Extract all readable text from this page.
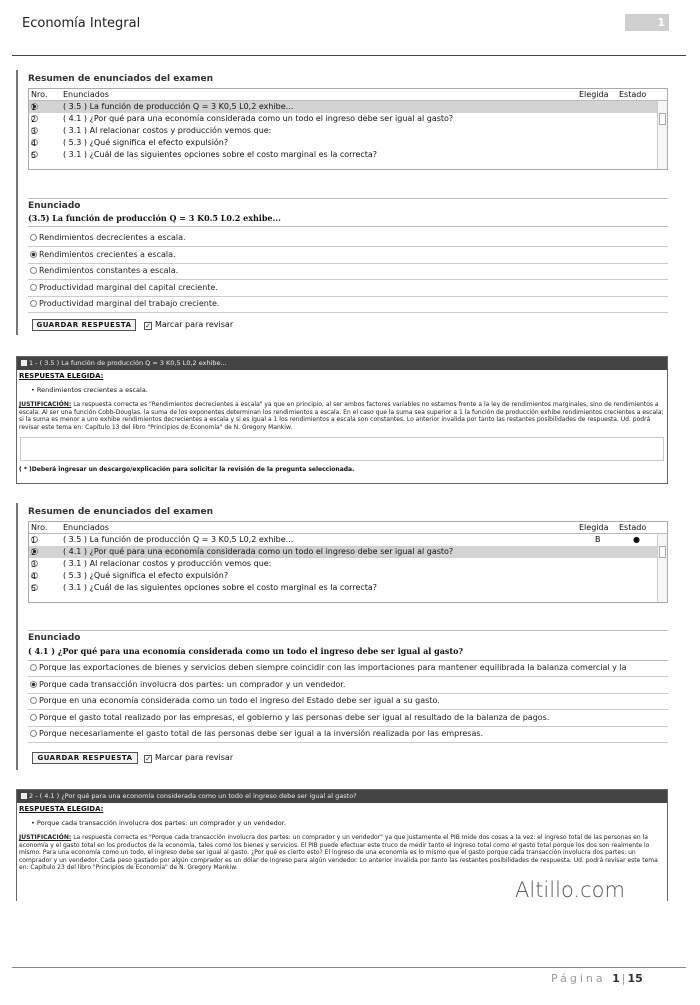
Economía Integral	1
Resumen de enunciados del examen
Nro. Enunciados	Elegida Estado
1	( 3.5 ) La función de producción Q = 3 K0,5 L0,2 exhibe...
2	( 4.1 ) ¿Por qué para una economía considerada como un todo el ingreso debe ser igual al gasto?
3	( 3.1 ) Al relacionar costos y producción vemos que:
4	( 5.3 ) ¿Qué significa el efecto expulsión?
5	( 3.1 ) ¿Cuál de las siguientes opciones sobre el costo marginal es la correcta?
Enunciado
(3.5) La función de producción Q = 3 K0.5 L0.2 exhibe...
Rendimientos decrecientes a escala.
Rendimientos crecientes a escala.
Rendimientos constantes a escala.
Productividad marginal del capital creciente.
Productividad marginal del trabajo creciente.
GUARDAR RESPUESTA	✓ Marcar para revisar
1 - ( 3.5 ) La función de producción Q = 3 K0,5 L0,2 exhibe...
RESPUESTA ELEGIDA:
• Rendimientos crecientes a escala.
JUSTIFICACIÓN: La respuesta correcta es "Rendimientos decrecientes a escala" ya que en principio, al ser ambos factores variables no estamos frente a la ley de rendimientos marginales, sino de rendimientos a escala. Al ser una función Cobb-Douglas, la suma de los exponentes determinan los rendimientos a escala. En el caso que la suma sea superior a 1 la función de producción exhibe rendimientos crecientes a escala; si la suma es menor a uno exhibe rendimientos decrecientes a escala y si es igual a 1 los rendimientos a escala son constantes. Lo anterior invalida por tanto las restantes posibilidades de respuesta. Ud. podrá revisar este tema en: Capítulo 13 del libro "Principios de Economía" de N. Gregory Mankiw.
( * )Deberá ingresar un descargo/explicación para solicitar la revisión de la pregunta seleccionada.
Resumen de enunciados del examen
Nro. Enunciados	Elegida Estado
1	( 3.5 ) La función de producción Q = 3 K0,5 L0,2 exhibe...	B	●
2	( 4.1 ) ¿Por qué para una economía considerada como un todo el ingreso debe ser igual al gasto?
3	( 3.1 ) Al relacionar costos y producción vemos que:
4	( 5.3 ) ¿Qué significa el efecto expulsión?
5	( 3.1 ) ¿Cuál de las siguientes opciones sobre el costo marginal es la correcta?
Enunciado
( 4.1 ) ¿Por qué para una economía considerada como un todo el ingreso debe ser igual al gasto?
Porque las exportaciones de bienes y servicios deben siempre coincidir con las importaciones para mantener equilibrada la balanza comercial y la
Porque cada transacción involucra dos partes: un comprador y un vendedor.
Porque en una economía considerada como un todo el ingreso del Estado debe ser igual a su gasto.
Porque el gasto total realizado por las empresas, el gobierno y las personas debe ser igual al resultado de la balanza de pagos.
Porque necesariamente el gasto total de las personas debe ser igual a la inversión realizada por las empresas.
GUARDAR RESPUESTA	✓ Marcar para revisar
2 - ( 4.1 ) ¿Por qué para una economía considerada como un todo el ingreso debe ser igual al gasto?
RESPUESTA ELEGIDA:
• Porque cada transacción involucra dos partes: un comprador y un vendedor.
JUSTIFICACIÓN: La respuesta correcta es "Porque cada transacción involucra dos partes: un comprador y un vendedor" ya que justamente el PIB mide dos cosas a la vez: el ingreso total de las personas en la economía y el gasto total en los productos de la economía, tales como los bienes y servicios. El PIB puede efectuar este truco de medir tanto el ingreso total como el gasto total porque los dos son realmente lo mismo. Para una economía como un todo, el ingreso debe ser igual al gasto. ¿Por qué es cierto esto? El ingreso de una economía es lo mismo que el gasto porque cada transacción involucra dos partes: un comprador y un vendedor. Cada peso gastado por algún comprador es un dólar de ingreso para algún vendedor. Lo anterior invalida por tanto las restantes posibilidades de respuesta. Ud. podrá revisar este tema en: Capítulo 23 del libro "Principios de Economía" de N. Gregory Mankiw.
Altillo.com
Página 1 | 15
